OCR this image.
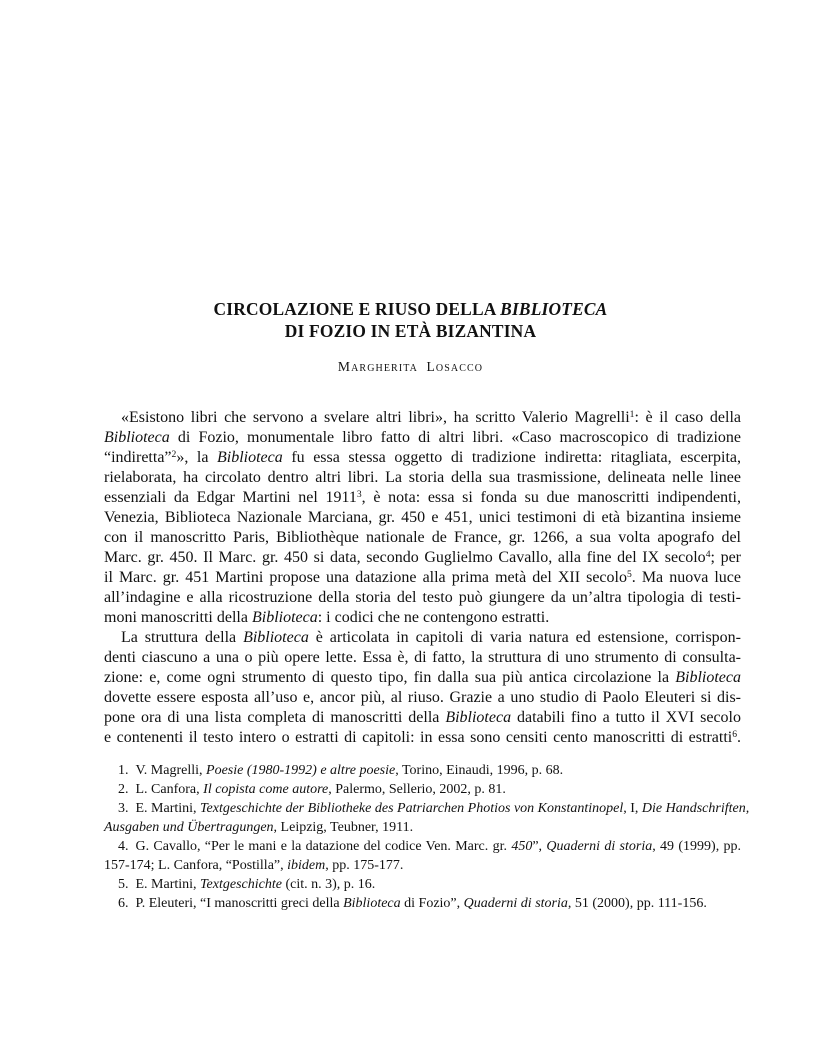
CIRCOLAZIONE E RIUSO DELLA BIBLIOTECA
DI FOZIO IN ETÀ BIZANTINA
Margherita Losacco
«Esistono libri che servono a svelare altri libri», ha scritto Valerio Magrelli$^1$: è il caso della
Biblioteca di Fozio, monumentale libro fatto di altri libri. «Caso macroscopico di tradizione
“indiretta”$^2$», la Biblioteca fu essa stessa oggetto di tradizione indiretta: ritagliata, escerpita,
rielaborata, ha circolato dentro altri libri. La storia della sua trasmissione, delineata nelle linee
essenziali da Edgar Martini nel 1911$^3$, è nota: essa si fonda su due manoscritti indipendenti,
Venezia, Biblioteca Nazionale Marciana, gr. 450 e 451, unici testimoni di età bizantina insieme
con il manoscritto Paris, Bibliothèque nationale de France, gr. 1266, a sua volta apografo del
Marc. gr. 450. Il Marc. gr. 450 si data, secondo Guglielmo Cavallo, alla fine del IX secolo$^4$; per
il Marc. gr. 451 Martini propose una datazione alla prima metà del XII secolo$^5$. Ma nuova luce
all’indagine e alla ricostruzione della storia del testo può giungere da un’altra tipologia di testi-
moni manoscritti della Biblioteca: i codici che ne contengono estratti.
La struttura della Biblioteca è articolata in capitoli di varia natura ed estensione, corrispon-
denti ciascuno a una o più opere lette. Essa è, di fatto, la struttura di uno strumento di consulta-
zione: e, come ogni strumento di questo tipo, fin dalla sua più antica circolazione la Biblioteca
dovette essere esposta all’uso e, ancor più, al riuso. Grazie a uno studio di Paolo Eleuteri si dis-
pone ora di una lista completa di manoscritti della Biblioteca databili fino a tutto il XVI secolo
e contenenti il testo intero o estratti di capitoli: in essa sono censiti cento manoscritti di estratti$^6$.
1. V. Magrelli, Poesie (1980-1992) e altre poesie, Torino, Einaudi, 1996, p. 68.
2. L. Canfora, Il copista come autore, Palermo, Sellerio, 2002, p. 81.
3. E. Martini, Textgeschichte der Bibliotheke des Patriarchen Photios von Konstantinopel, I, Die Handschriften,
Ausgaben und Übertragungen, Leipzig, Teubner, 1911.
4. G. Cavallo, “Per le mani e la datazione del codice Ven. Marc. gr. 450”, Quaderni di storia, 49 (1999), pp.
157-174; L. Canfora, “Postilla”, ibidem, pp. 175-177.
5. E. Martini, Textgeschichte (cit. n. 3), p. 16.
6. P. Eleuteri, “I manoscritti greci della Biblioteca di Fozio”, Quaderni di storia, 51 (2000), pp. 111-156.
